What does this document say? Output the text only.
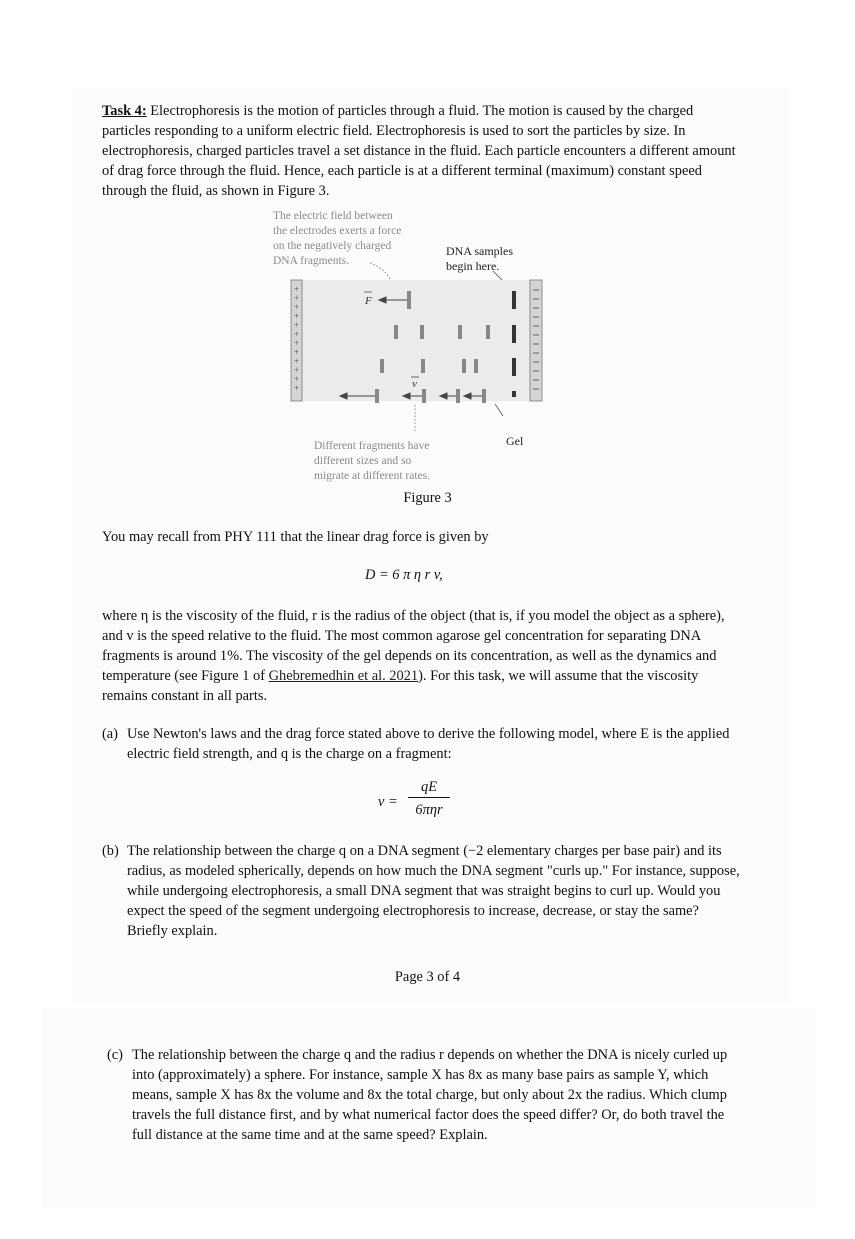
Task 4: Electrophoresis is the motion of particles through a fluid. The motion is caused by the charged particles responding to a uniform electric field. Electrophoresis is used to sort the particles by size. In electrophoresis, charged particles travel a set distance in the fluid. Each particle encounters a different amount of drag force through the fluid. Hence, each particle is at a different terminal (maximum) constant speed through the fluid, as shown in Figure 3.

The electric field between
the electrodes exerts a force
on the negatively charged
DNA fragments.
DNA samples
begin here.
+
+
+
+
+
+
+
+
+
+
+
+
F
v
Different fragments have
different sizes and so
migrate at different rates.
Gel
Figure 3

You may recall from PHY 111 that the linear drag force is given by

D = 6 π η r v,

where η is the viscosity of the fluid, r is the radius of the object (that is, if you model the object as a sphere), and v is the speed relative to the fluid. The most common agarose gel concentration for separating DNA fragments is around 1%. The viscosity of the gel depends on its concentration, as well as the dynamics and temperature (see Figure 1 of Ghebremedhin et al. 2021). For this task, we will assume that the viscosity remains constant in all parts.

(a) Use Newton's laws and the drag force stated above to derive the following model, where E is the applied electric field strength, and q is the charge on a fragment:
v =
qE
6πηr
(b) The relationship between the charge q on a DNA segment (−2 elementary charges per base pair) and its radius, as modeled spherically, depends on how much the DNA segment "curls up." For instance, suppose, while undergoing electrophoresis, a small DNA segment that was straight begins to curl up. Would you expect the speed of the segment undergoing electrophoresis to increase, decrease, or stay the same? Briefly explain.
Page 3 of 4
(c) The relationship between the charge q and the radius r depends on whether the DNA is nicely curled up into (approximately) a sphere. For instance, sample X has 8x as many base pairs as sample Y, which means, sample X has 8x the volume and 8x the total charge, but only about 2x the radius. Which clump travels the full distance first, and by what numerical factor does the speed differ? Or, do both travel the full distance at the same time and at the same speed? Explain.
